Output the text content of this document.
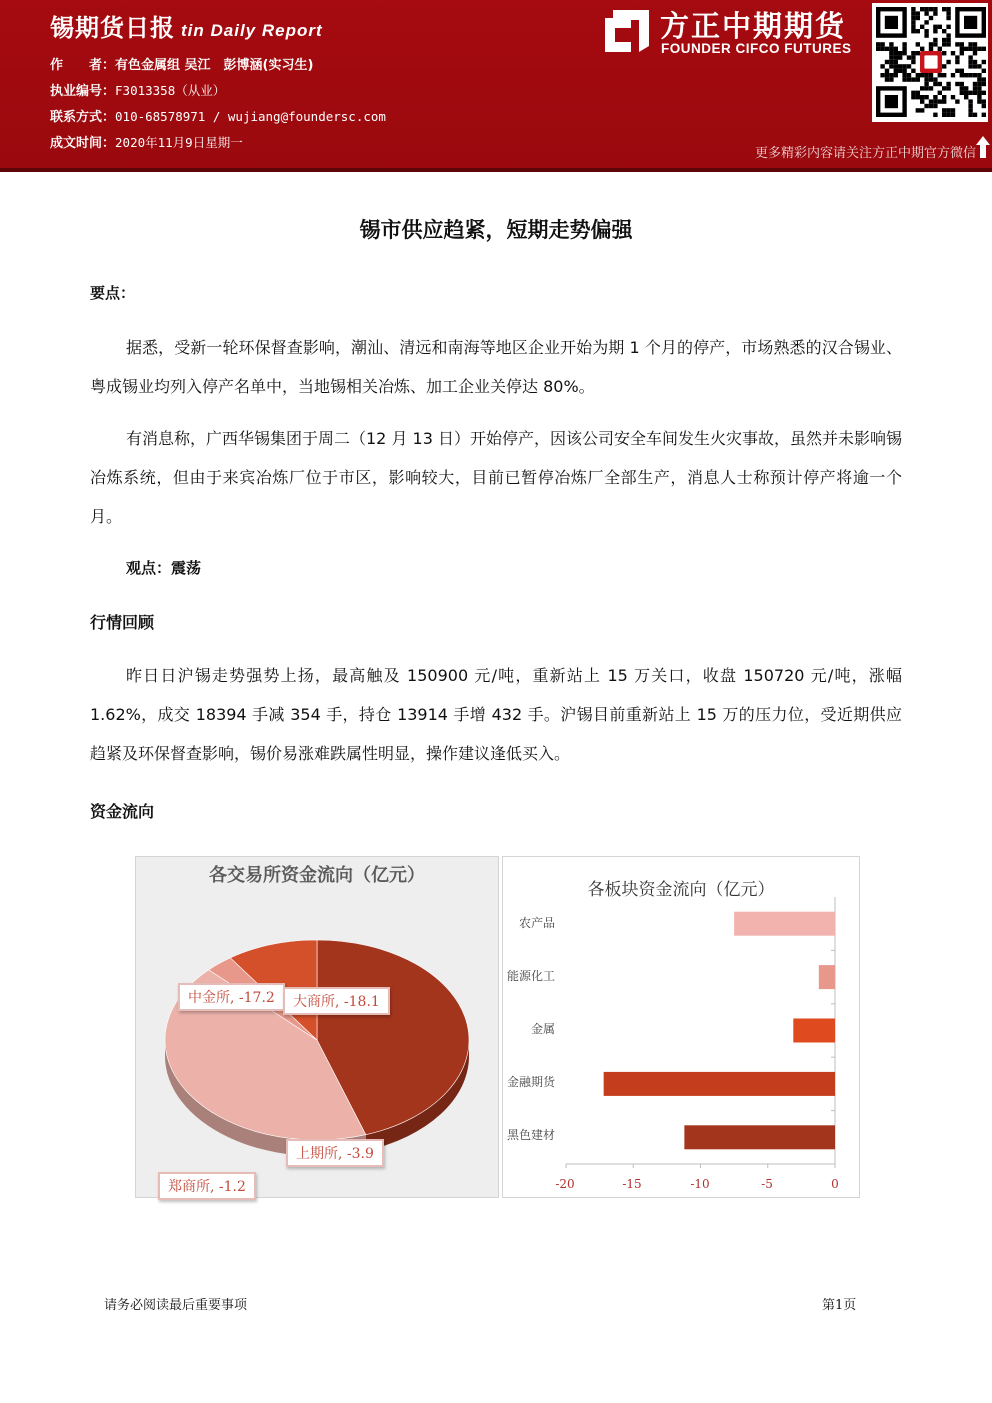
锡期货日报 tin Daily Report
作　　者：有色金属组 吴江　彭博涵(实习生)
执业编号：F3013358（从业）
联系方式：010-68578971 / wujiang@foundersc.com
成文时间：2020年11月9日星期一
方正中期期货
FOUNDER CIFCO FUTURES
更多精彩内容请关注方正中期官方微信
锡市供应趋紧，短期走势偏强
要点：
据悉，受新一轮环保督查影响，潮汕、清远和南海等地区企业开始为期 1 个月的停产，市场熟悉的汉合锡业、粤成锡业均列入停产名单中，当地锡相关冶炼、加工企业关停达 80%。
有消息称，广西华锡集团于周二（12 月 13 日）开始停产，因该公司安全车间发生火灾事故，虽然并未影响锡冶炼系统，但由于来宾冶炼厂位于市区，影响较大，目前已暂停冶炼厂全部生产，消息人士称预计停产将逾一个月。
观点：震荡
行情回顾
昨日日沪锡走势强势上扬，最高触及 150900 元/吨，重新站上 15 万关口，收盘 150720 元/吨，涨幅 1.62%，成交 18394 手减 354 手，持仓 13914 手增 432 手。沪锡目前重新站上 15 万的压力位，受近期供应趋紧及环保督查影响，锡价易涨难跌属性明显，操作建议逢低买入。
资金流向
各交易所资金流向（亿元）
中金所, -17.2	大商所, -18.1
上期所, -3.9
郑商所, -1.2
各板块资金流向（亿元）
农产品
能源化工
金属
金融期货
黑色建材
-20	-15	-10	-5	0
请务必阅读最后重要事项	第1页
